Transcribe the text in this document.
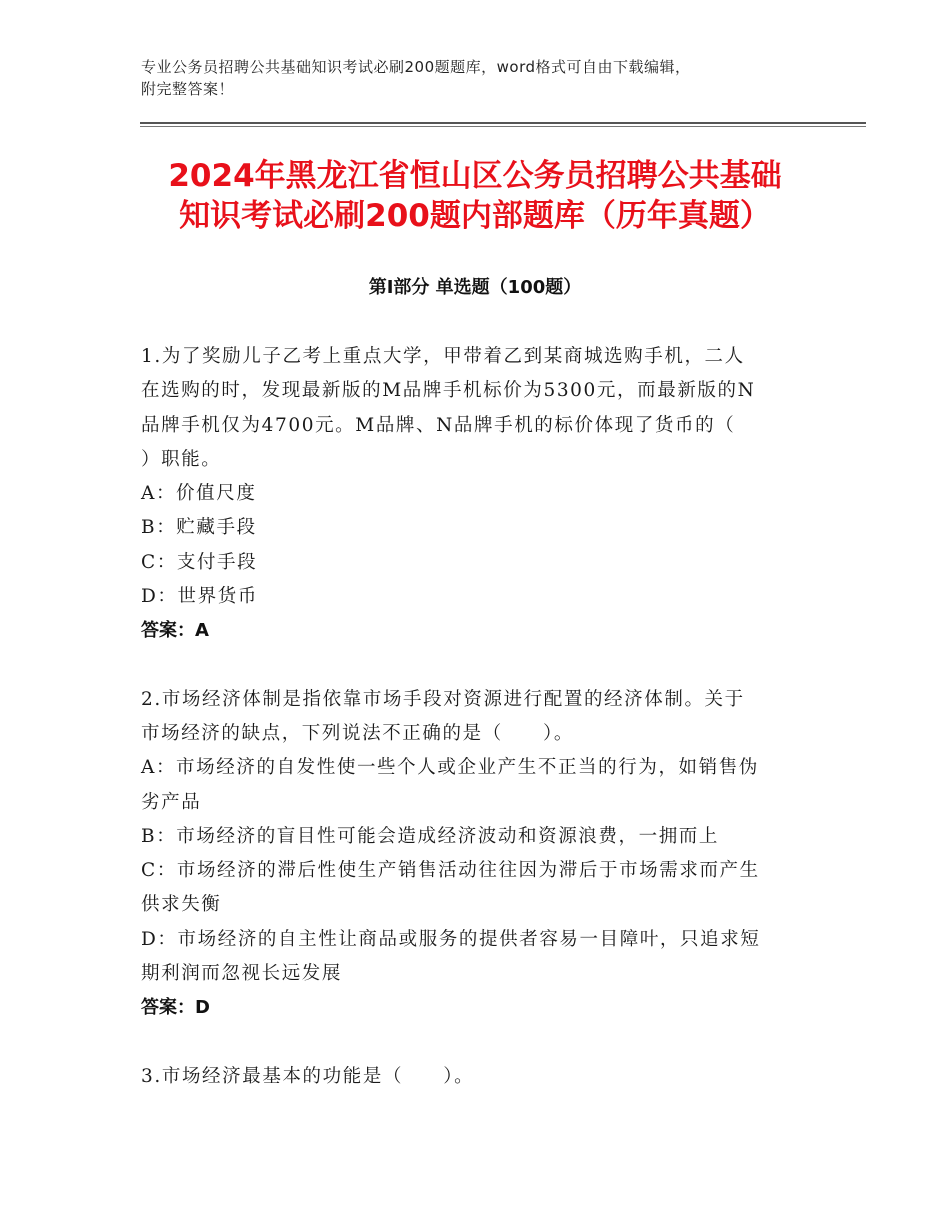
专业公务员招聘公共基础知识考试必刷200题题库，word格式可自由下载编辑，
附完整答案！
2024年黑龙江省恒山区公务员招聘公共基础
知识考试必刷200题内部题库（历年真题）
第I部分 单选题（100题）
1.为了奖励儿子乙考上重点大学，甲带着乙到某商城选购手机，二人
在选购的时，发现最新版的M品牌手机标价为5300元，而最新版的N
品牌手机仅为4700元。M品牌、N品牌手机的标价体现了货币的（
）职能。
A：价值尺度
B：贮藏手段
C：支付手段
D：世界货币
答案：A
2.市场经济体制是指依靠市场手段对资源进行配置的经济体制。关于
市场经济的缺点，下列说法不正确的是（　　）。
A：市场经济的自发性使一些个人或企业产生不正当的行为，如销售伪
劣产品
B：市场经济的盲目性可能会造成经济波动和资源浪费，一拥而上
C：市场经济的滞后性使生产销售活动往往因为滞后于市场需求而产生
供求失衡
D：市场经济的自主性让商品或服务的提供者容易一目障叶，只追求短
期利润而忽视长远发展
答案：D
3.市场经济最基本的功能是（　　）。
